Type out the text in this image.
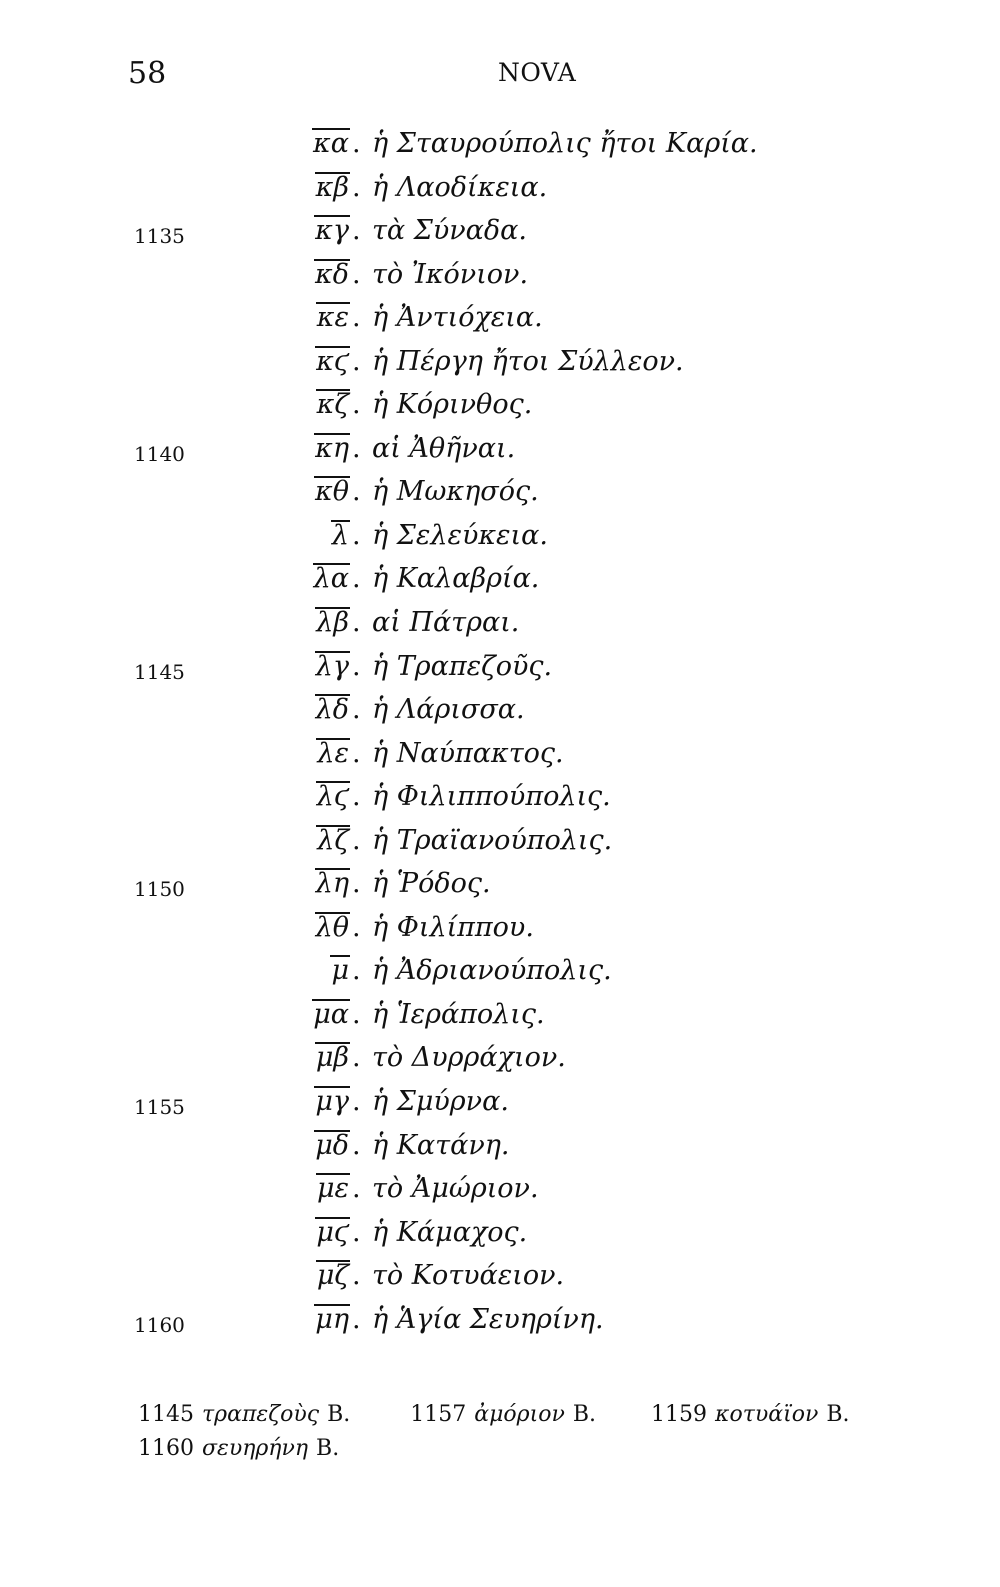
58	NOVA
κα . ἡ Σταυρούπολις ἤτοι Καρία.
κβ . ἡ Λαοδίκεια.
1135	κγ . τὰ Σύναδα.
κδ . τὸ Ἰκόνιον.
κε . ἡ Ἀντιόχεια.
κϛ . ἡ Πέργη ἤτοι Σύλλεον.
κζ . ἡ Κόρινθος.
1140	κη . αἱ Ἀθῆναι.
κθ . ἡ Μωκησός.
λ . ἡ Σελεύκεια.
λα . ἡ Καλαβρία.
λβ . αἱ Πάτραι.
1145	λγ . ἡ Τραπεζοῦς.
λδ . ἡ Λάρισσα.
λε . ἡ Ναύπακτος.
λϛ . ἡ Φιλιππούπολις.
λζ . ἡ Τραϊανούπολις.
1150	λη . ἡ Ῥόδος.
λθ . ἡ Φιλίππου.
μ . ἡ Ἀδριανούπολις.
μα . ἡ Ἱεράπολις.
μβ . τὸ Δυρράχιον.
1155	μγ . ἡ Σμύρνα.
μδ . ἡ Κατάνη.
με . τὸ Ἀμώριον.
μϛ . ἡ Κάμαχος.
μζ . τὸ Κοτυάειον.
1160	μη . ἡ Ἁγία Σευηρίνη.
1145 τραπεζοὺς B.	1157 ἀμόριον B.	1159 κοτυάϊον B.
1160 σευηρήνη B.
